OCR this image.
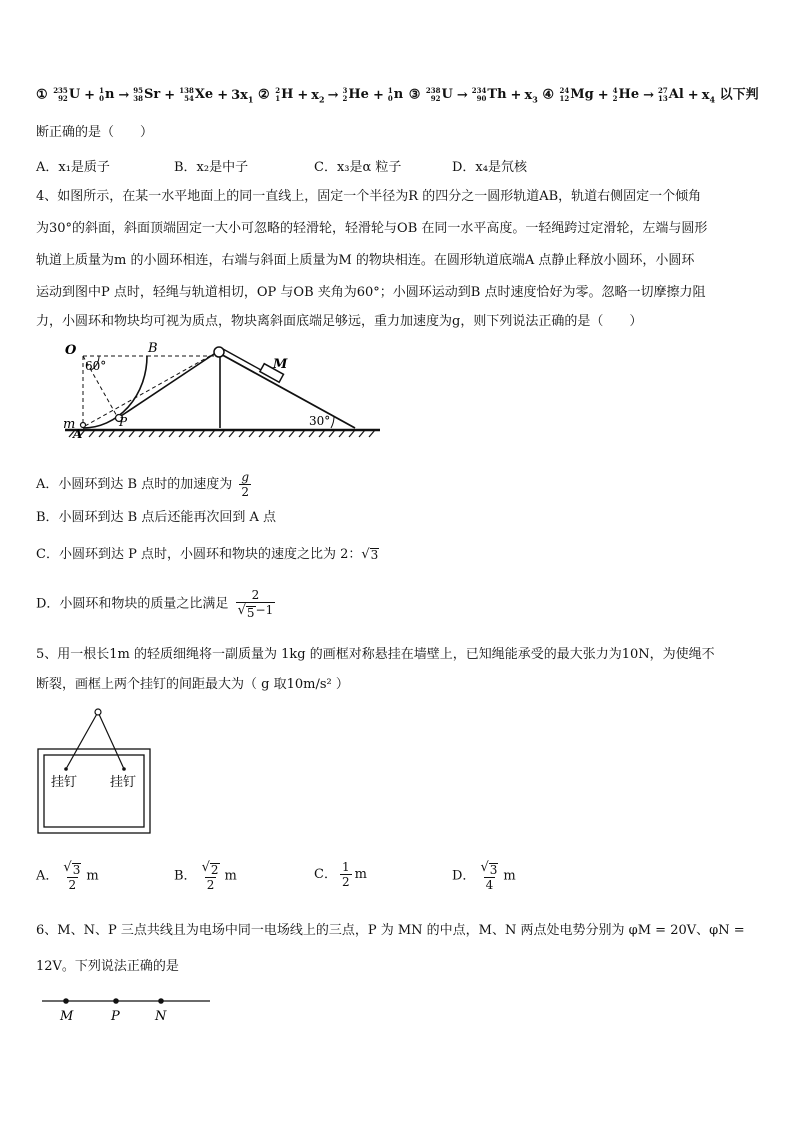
① 235
92 U + 1
0 n → 95
38 Sr + 138
54 $Xe + 3x_1$ ② 2
1 $H + x_2 \to 3$
2 He + 1
0 n ③ 238
92 U → 234
90 $Th + x_3$ ④ 24
12 Mg + 4
2 He → 27
13 $Al + x_4$ 以下判
断正确的是（　　）
A．x₁是质子	B．x₂是中子	C．x₃是α 粒子	D．x₄是氘核
4、如图所示，在某一水平地面上的同一直线上，固定一个半径为R 的四分之一圆形轨道AB，轨道右侧固定一个倾角
为30°的斜面，斜面顶端固定一大小可忽略的轻滑轮，轻滑轮与OB 在同一水平高度。一轻绳跨过定滑轮，左端与圆形
轨道上质量为m 的小圆环相连，右端与斜面上质量为M 的物块相连。在圆形轨道底端A 点静止释放小圆环，小圆环
运动到图中P 点时，轻绳与轨道相切，OP 与OB 夹角为60°；小圆环运动到B 点时速度恰好为零。忽略一切摩擦力阻
力，小圆环和物块均可视为质点，物块离斜面底端足够远，重力加速度为g，则下列说法正确的是（　　）
O
60°
B
M
m
A
P	30°
A．小圆环到达 B 点时的加速度为 $\frac{g}{2}$
B．小圆环到达 B 点后还能再次回到 A 点
C．小圆环到达 P 点时，小圆环和物块的速度之比为 2： √ 3
D．小圆环和物块的质量之比满足 $\frac{2}{√ 5 -1}$
5、用一根长1m 的轻质细绳将一副质量为 1kg 的画框对称悬挂在墙壁上，已知绳能承受的最大张力为10N，为使绳不
断裂，画框上两个挂钉的间距最大为（ g 取10m/s² ）
挂钉	挂钉
A． $\frac{√ 3}{2}$ m	B． $\frac{√ 2}{2}$ m	C． $\frac{1}{2}$ m	D． $\frac{√ 3}{4}$ m
6、M、N、P 三点共线且为电场中同一电场线上的三点，P 为 MN 的中点，M、N 两点处电势分别为 φM = 20V、φN =
12V。下列说法正确的是
M	P	N
